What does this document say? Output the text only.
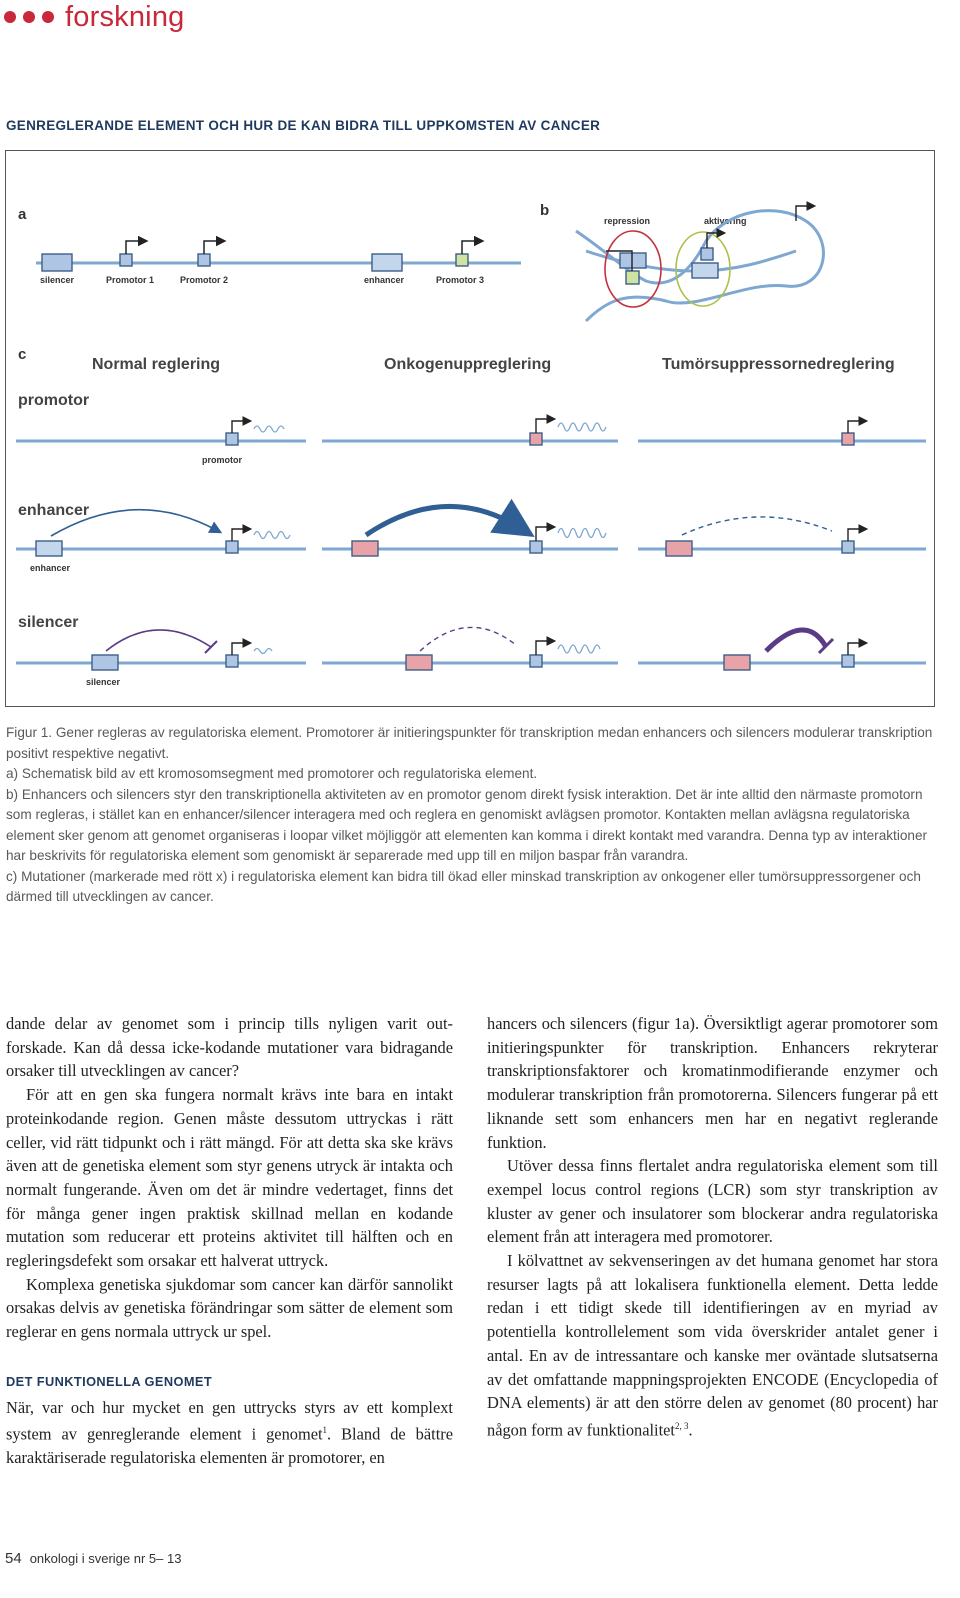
forskning
GENREGLERANDE ELEMENT OCH HUR DE KAN BIDRA TILL UPPKOMSTEN AV CANCER
a
silencer	Promotor 1	Promotor 2	enhancer	Promotor 3
b
repression	aktivering
c
Normal reglering	Onkogenuppreglering	Tumörsuppressornedreglering
promotor
enhancer
silencer
promotor
enhancer
silencer

Figur 1. Gener regleras av regulatoriska element. Promotorer är initieringspunkter för transkription medan enhancers och silencers modulerar transkription positivt respektive negativt.

a) Schematisk bild av ett kromosomsegment med promotorer och regulatoriska element.

b) Enhancers och silencers styr den transkriptionella aktiviteten av en promotor genom direkt fysisk interaktion. Det är inte alltid den närmaste promotorn som regleras, i stället kan en enhancer/silencer interagera med och reglera en genomiskt avlägsen promotor. Kontakten mellan avlägsna regulatoriska element sker genom att genomet organiseras i loopar vilket möjliggör att elementen kan komma i direkt kontakt med varandra. Denna typ av interaktioner har beskrivits för regulatoriska element som genomiskt är separerade med upp till en miljon baspar från varandra.

c) Mutationer (markerade med rött x) i regulatoriska element kan bidra till ökad eller minskad transkription av onkogener eller tumörsuppressorgener och därmed till utvecklingen av cancer.

dande delar av genomet som i princip tills nyligen varit outforskade. Kan då dessa icke-kodande mutationer vara bidragande orsaker till utvecklingen av cancer?

För att en gen ska fungera normalt krävs inte bara en intakt proteinkodande region. Genen måste dessutom uttryckas i rätt celler, vid rätt tidpunkt och i rätt mängd. För att detta ska ske krävs även att de genetiska element som styr genens utryck är intakta och normalt fungerande. Även om det är mindre vedertaget, finns det för många gener ingen praktisk skillnad mellan en kodande mutation som reducerar ett proteins aktivitet till hälften och en regleringsdefekt som orsakar ett halverat uttryck.

Komplexa genetiska sjukdomar som cancer kan därför sannolikt orsakas delvis av genetiska förändringar som sätter de element som reglerar en gens normala uttryck ur spel.

DET FUNKTIONELLA GENOMET

När, var och hur mycket en gen uttrycks styrs av ett komplext system av genreglerande element i genomet$^1$. Bland de bättre karaktäriserade regulatoriska elementen är promotorer, en

hancers och silencers (figur 1a). Översiktligt agerar promotorer som initieringspunkter för transkription. Enhancers rekryterar transkriptionsfaktorer och kromatinmodifierande enzymer och modulerar transkription från promotorerna. Silencers fungerar på ett liknande sett som enhancers men har en negativt reglerande funktion.

Utöver dessa finns flertalet andra regulatoriska element som till exempel locus control regions (LCR) som styr transkription av kluster av gener och insulatorer som blockerar andra regulatoriska element från att interagera med promotorer.

I kölvattnet av sekvenseringen av det humana genomet har stora resurser lagts på att lokalisera funktionella element. Detta ledde redan i ett tidigt skede till identifieringen av en myriad av potentiella kontrollelement som vida överskrider antalet gener i antal. En av de intressantare och kanske mer oväntade slutsatserna av det omfattande mappningsprojekten ENCODE (Encyclopedia of DNA elements) är att den större delen av genomet (80 procent) har någon form av funktionalitet$^{2, 3}$.

54 onkologi i sverige nr 5– 13
